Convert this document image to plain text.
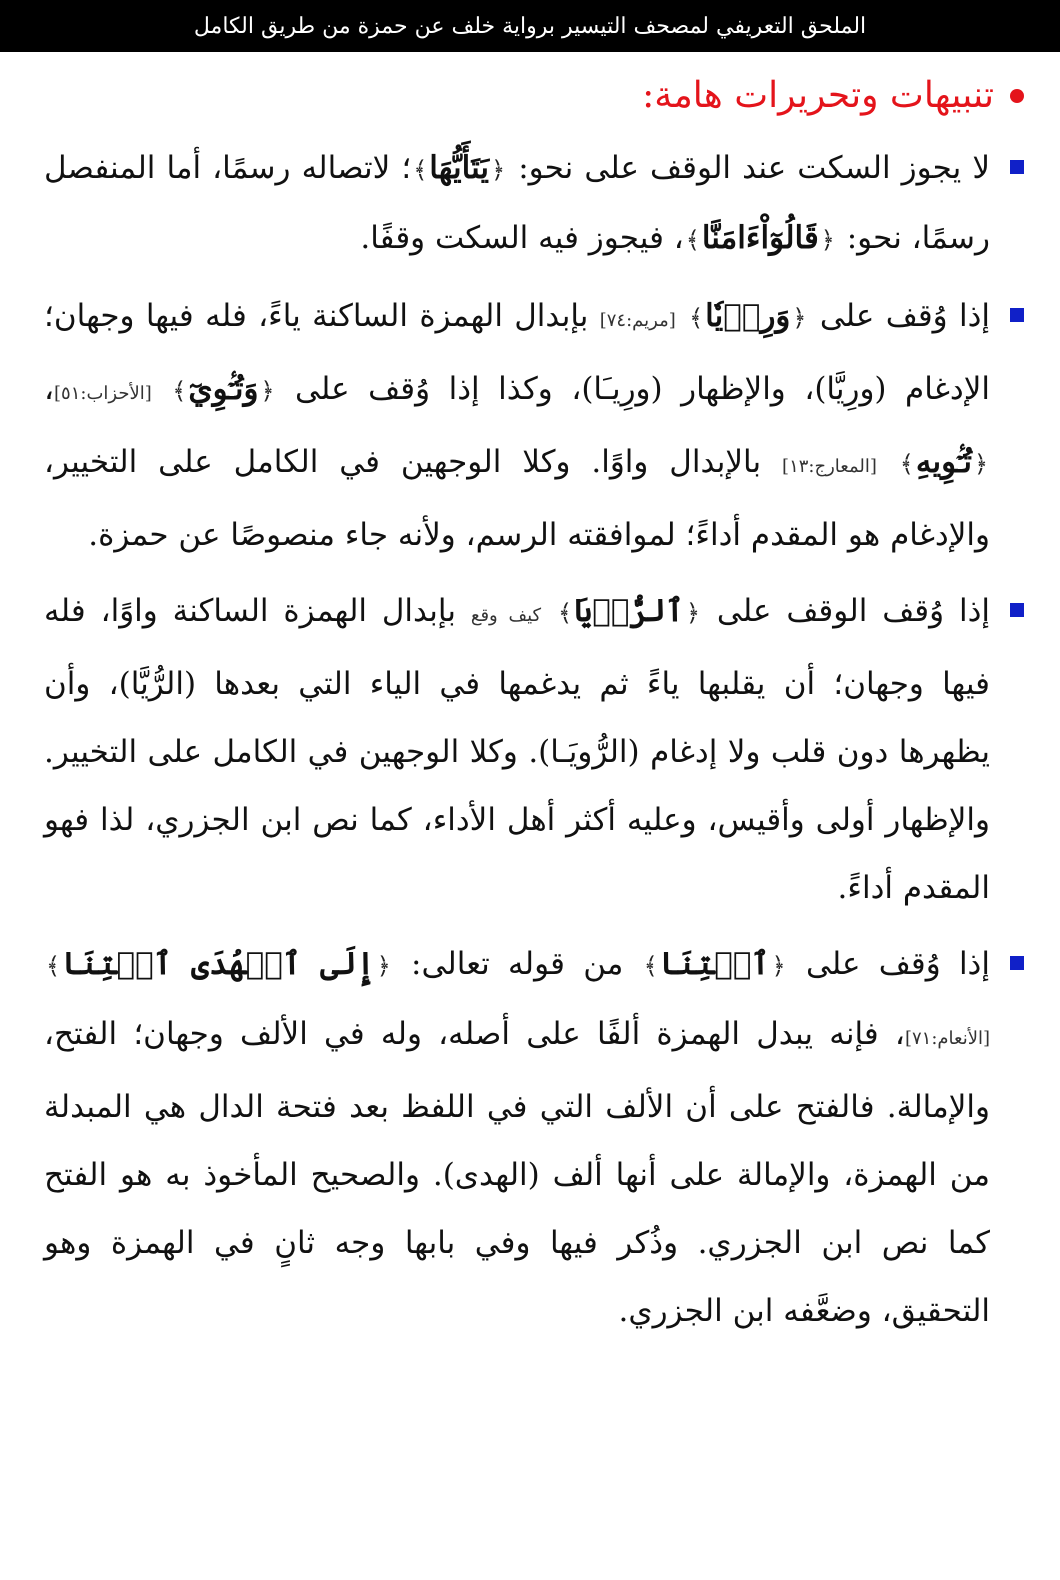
الملحق التعريفي لمصحف التيسير برواية خلف عن حمزة من طريق الكامل
تنبيهات وتحريرات هامة:
لا يجوز السكت عند الوقف على نحو: ﴿يَتَأَيُّهَا﴾؛ لاتصاله رسمًا، أما المنفصل رسمًا، نحو: ﴿قَالُوٓاْءَامَنَّا﴾، فيجوز فيه السكت وقفًا.
إذا وُقف على ﴿وَرِءۡيٗا﴾ [مريم:٧٤] بإبدال الهمزة الساكنة ياءً، فله فيها وجهان؛ الإدغام (ورِيَّا)، والإظهار (ورِيـَا)، وكذا إذا وُقف على ﴿وَتُـٔۡوِيٓ﴾ [الأحزاب:٥١]، ﴿تُـٔۡوِيهِ﴾ [المعارج:١٣] بالإبدال واوًا. وكلا الوجهين في الكامل على التخيير، والإدغام هو المقدم أداءً؛ لموافقته الرسم، ولأنه جاء منصوصًا عن حمزة.
إذا وُقف الوقف على ﴿ٱلرُّءۡيَا﴾ كيف وقع بإبدال الهمزة الساكنة واوًا، فله فيها وجهان؛ أن يقلبها ياءً ثم يدغمها في الياء التي بعدها (الرُّيَّا)، وأن يظهرها دون قلب ولا إدغام (الرُّويَـا). وكلا الوجهين في الكامل على التخيير. والإظهار أولى وأقيس، وعليه أكثر أهل الأداء، كما نص ابن الجزري، لذا فهو المقدم أداءً.
إذا وُقف على ﴿ٱئۡتِنَا﴾ من قوله تعالى: ﴿إِلَى ٱلۡهُدَى ٱئۡتِنَا﴾ [الأنعام:٧١]، فإنه يبدل الهمزة ألفًا على أصله، وله في الألف وجهان؛ الفتح، والإمالة. فالفتح على أن الألف التي في اللفظ بعد فتحة الدال هي المبدلة من الهمزة، والإمالة على أنها ألف (الهدى). والصحيح المأخوذ به هو الفتح كما نص ابن الجزري. وذُكر فيها وفي بابها وجه ثانٍ في الهمزة وهو التحقيق، وضعَّفه ابن الجزري.
